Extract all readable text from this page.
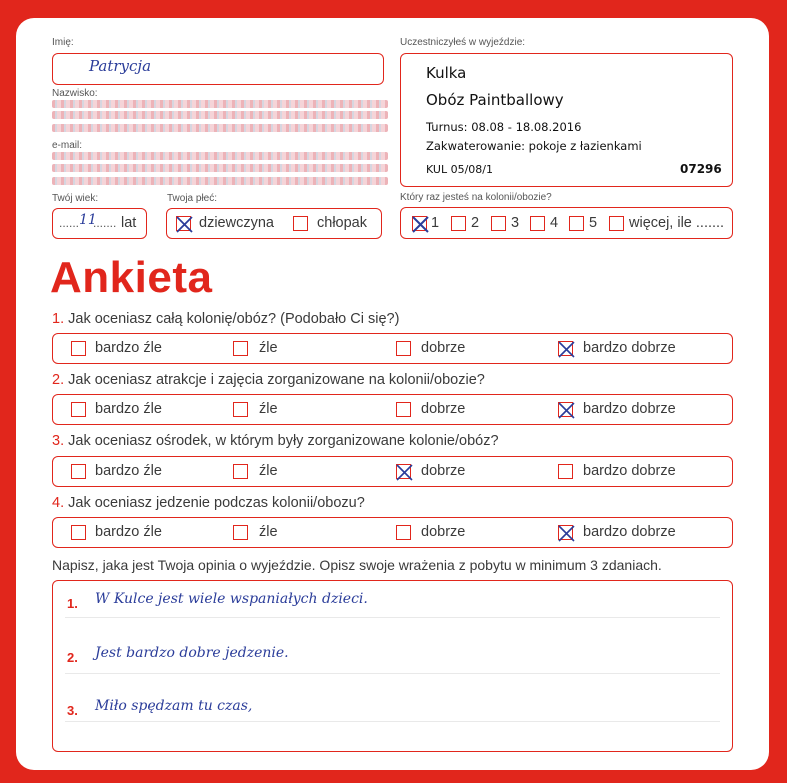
Imię:
Patrycja
Nazwisko:
e-mail:
Twój wiek:
...... 11
....... lat
Twoja płeć:
dziewczyna	chłopak
Uczestniczyłeś w wyjeździe:
Kulka
Obóz Paintballowy
Turnus: 08.08 - 18.08.2016
Zakwaterowanie: pokoje z łazienkami
KUL 05/08/1	07296
Który raz jesteś na kolonii/obozie?
1 2 3 4 5 więcej, ile .......
Ankieta
1. Jak oceniasz całą kolonię/obóz? (Podobało Ci się?)
bardzo źle	źle	dobrze	bardzo dobrze
2. Jak oceniasz atrakcje i zajęcia zorganizowane na kolonii/obozie?
bardzo źle	źle	dobrze	bardzo dobrze
3. Jak oceniasz ośrodek, w którym były zorganizowane kolonie/obóz?
bardzo źle	źle	dobrze	bardzo dobrze
4. Jak oceniasz jedzenie podczas kolonii/obozu?
bardzo źle	źle	dobrze	bardzo dobrze
Napisz, jaka jest Twoja opinia o wyjeździe. Opisz swoje wrażenia z pobytu w minimum 3 zdaniach.
1. W Kulce jest wiele wspaniałych dzieci.
2. Jest bardzo dobre jedzenie.
3. Miło spędzam tu czas,
